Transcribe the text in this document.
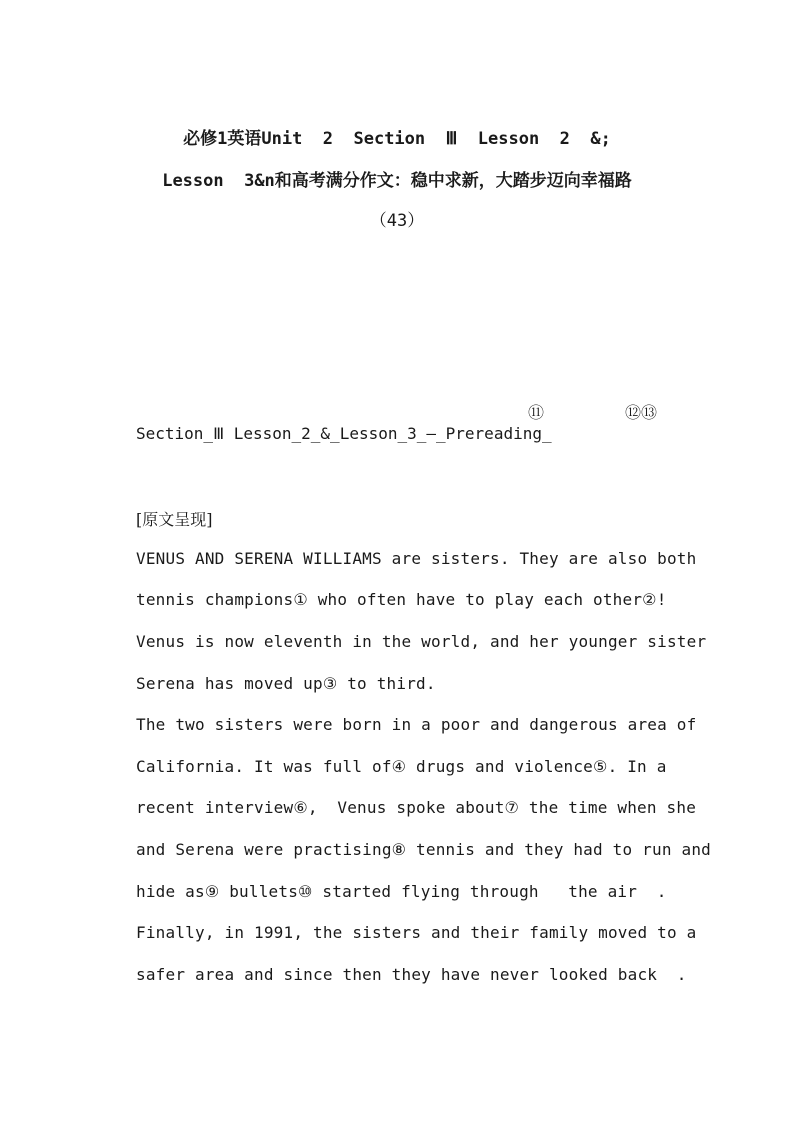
必修1英语Unit  2  Section  Ⅲ  Lesson  2  &;
Lesson  3&n和高考满分作文：稳中求新，大踏步迈向幸福路
（43）
⑪	⑫⑬
Section_Ⅲ Lesson_2_&_Lesson_3_—_Prereading_
[原文呈现]
VENUS AND SERENA WILLIAMS are sisters. They are also both
tennis champions① who often have to play each other②!
Venus is now eleventh in the world, and her younger sister
Serena has moved up③ to third.
The two sisters were born in a poor and dangerous area of
California. It was full of④ drugs and violence⑤. In a
recent interview⑥,  Venus spoke about⑦ the time when she
and Serena were practising⑧ tennis and they had to run and
hide as⑨ bullets⑩ started flying through   the air  .
Finally, in 1991, the sisters and their family moved to a
safer area and since then they have never looked back  .
